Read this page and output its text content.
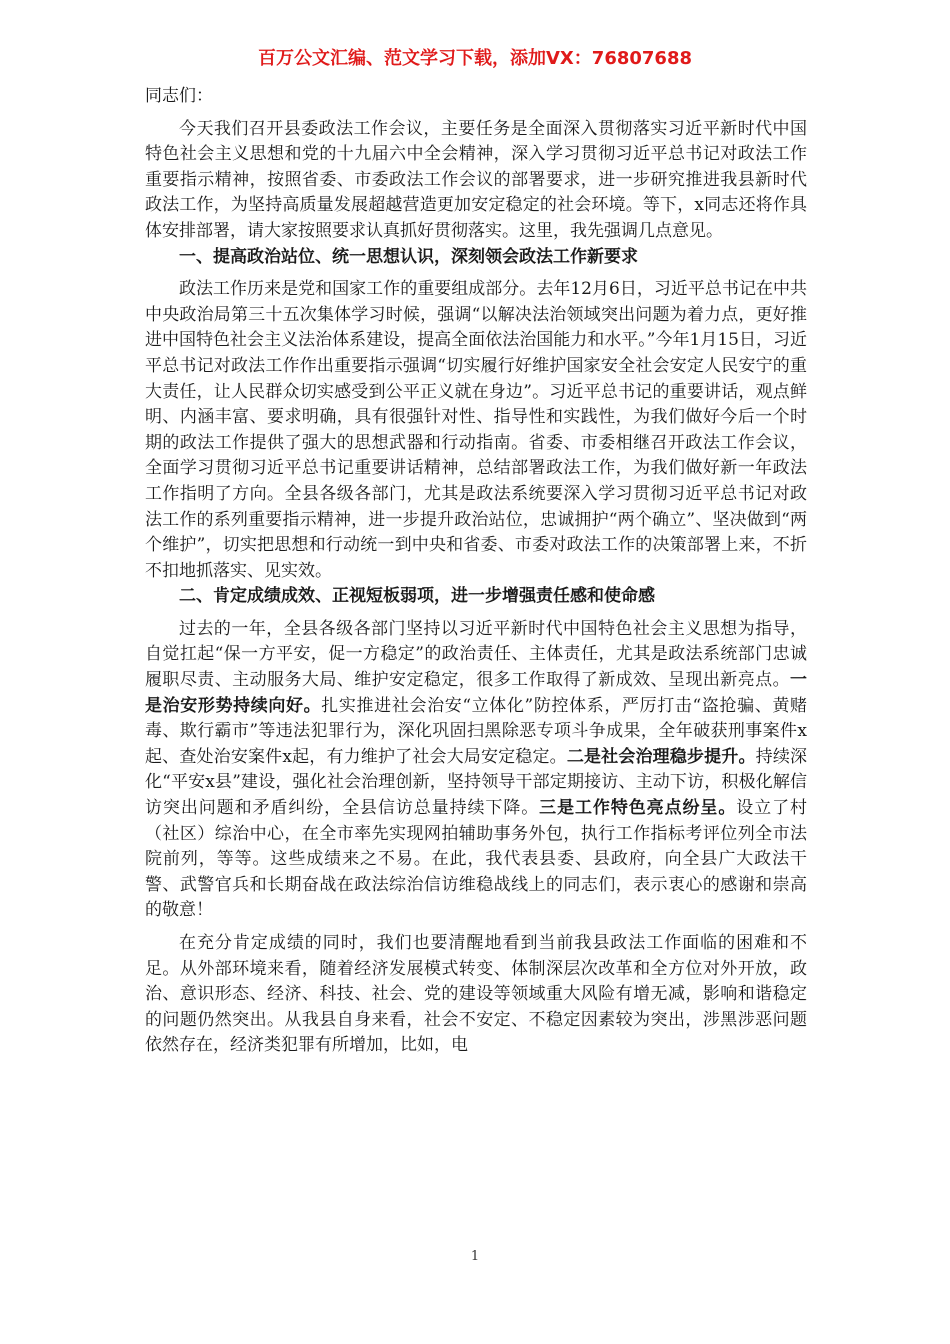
百万公文汇编、范文学习下载，添加VX：76807688

同志们：

今天我们召开县委政法工作会议，主要任务是全面深入贯彻落实习近平新时代中国特色社会主义思想和党的十九届六中全会精神，深入学习贯彻习近平总书记对政法工作重要指示精神，按照省委、市委政法工作会议的部署要求，进一步研究推进我县新时代政法工作，为坚持高质量发展超越营造更加安定稳定的社会环境。等下，x同志还将作具体安排部署，请大家按照要求认真抓好贯彻落实。这里，我先强调几点意见。

一、提高政治站位、统一思想认识，深刻领会政法工作新要求

政法工作历来是党和国家工作的重要组成部分。去年12月6日，习近平总书记在中共中央政治局第三十五次集体学习时候，强调“以解决法治领域突出问题为着力点，更好推进中国特色社会主义法治体系建设，提高全面依法治国能力和水平。”今年1月15日，习近平总书记对政法工作作出重要指示强调“切实履行好维护国家安全社会安定人民安宁的重大责任，让人民群众切实感受到公平正义就在身边”。习近平总书记的重要讲话，观点鲜明、内涵丰富、要求明确，具有很强针对性、指导性和实践性，为我们做好今后一个时期的政法工作提供了强大的思想武器和行动指南。省委、市委相继召开政法工作会议，全面学习贯彻习近平总书记重要讲话精神，总结部署政法工作，为我们做好新一年政法工作指明了方向。全县各级各部门，尤其是政法系统要深入学习贯彻习近平总书记对政法工作的系列重要指示精神，进一步提升政治站位，忠诚拥护“两个确立”、坚决做到“两个维护”，切实把思想和行动统一到中央和省委、市委对政法工作的决策部署上来，不折不扣地抓落实、见实效。

二、肯定成绩成效、正视短板弱项，进一步增强责任感和使命感

过去的一年，全县各级各部门坚持以习近平新时代中国特色社会主义思想为指导，自觉扛起“保一方平安，促一方稳定”的政治责任、主体责任，尤其是政法系统部门忠诚履职尽责、主动服务大局、维护安定稳定，很多工作取得了新成效、呈现出新亮点。一是治安形势持续向好。扎实推进社会治安“立体化”防控体系，严厉打击“盗抢骗、黄赌毒、欺行霸市”等违法犯罪行为，深化巩固扫黑除恶专项斗争成果，全年破获刑事案件x起、查处治安案件x起，有力维护了社会大局安定稳定。二是社会治理稳步提升。持续深化“平安x县”建设，强化社会治理创新，坚持领导干部定期接访、主动下访，积极化解信访突出问题和矛盾纠纷，全县信访总量持续下降。三是工作特色亮点纷呈。设立了村（社区）综治中心，在全市率先实现网拍辅助事务外包，执行工作指标考评位列全市法院前列，等等。这些成绩来之不易。在此，我代表县委、县政府，向全县广大政法干警、武警官兵和长期奋战在政法综治信访维稳战线上的同志们，表示衷心的感谢和崇高的敬意！

在充分肯定成绩的同时，我们也要清醒地看到当前我县政法工作面临的困难和不足。从外部环境来看，随着经济发展模式转变、体制深层次改革和全方位对外开放，政治、意识形态、经济、科技、社会、党的建设等领域重大风险有增无减，影响和谐稳定的问题仍然突出。从我县自身来看，社会不安定、不稳定因素较为突出，涉黑涉恶问题依然存在，经济类犯罪有所增加，比如，电

1
